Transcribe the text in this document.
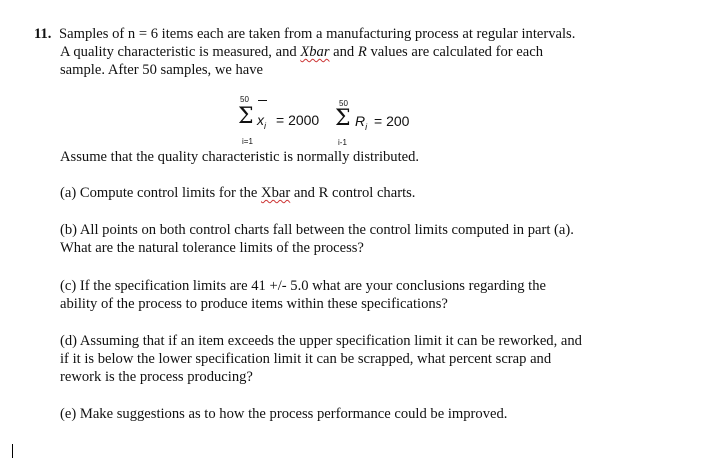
11. Samples of n = 6 items each are taken from a manufacturing process at regular intervals.
A quality characteristic is measured, and Xbar and R values are calculated for each
sample. After 50 samples, we have
50
Σ
i=1
$x_i = 2000$
50
Σ
i-1
$R_i = 200$
Assume that the quality characteristic is normally distributed.
(a) Compute control limits for the Xbar and R control charts.
(b) All points on both control charts fall between the control limits computed in part (a).
What are the natural tolerance limits of the process?
(c) If the specification limits are 41 +/- 5.0 what are your conclusions regarding the
ability of the process to produce items within these specifications?
(d) Assuming that if an item exceeds the upper specification limit it can be reworked, and
if it is below the lower specification limit it can be scrapped, what percent scrap and
rework is the process producing?
(e) Make suggestions as to how the process performance could be improved.
